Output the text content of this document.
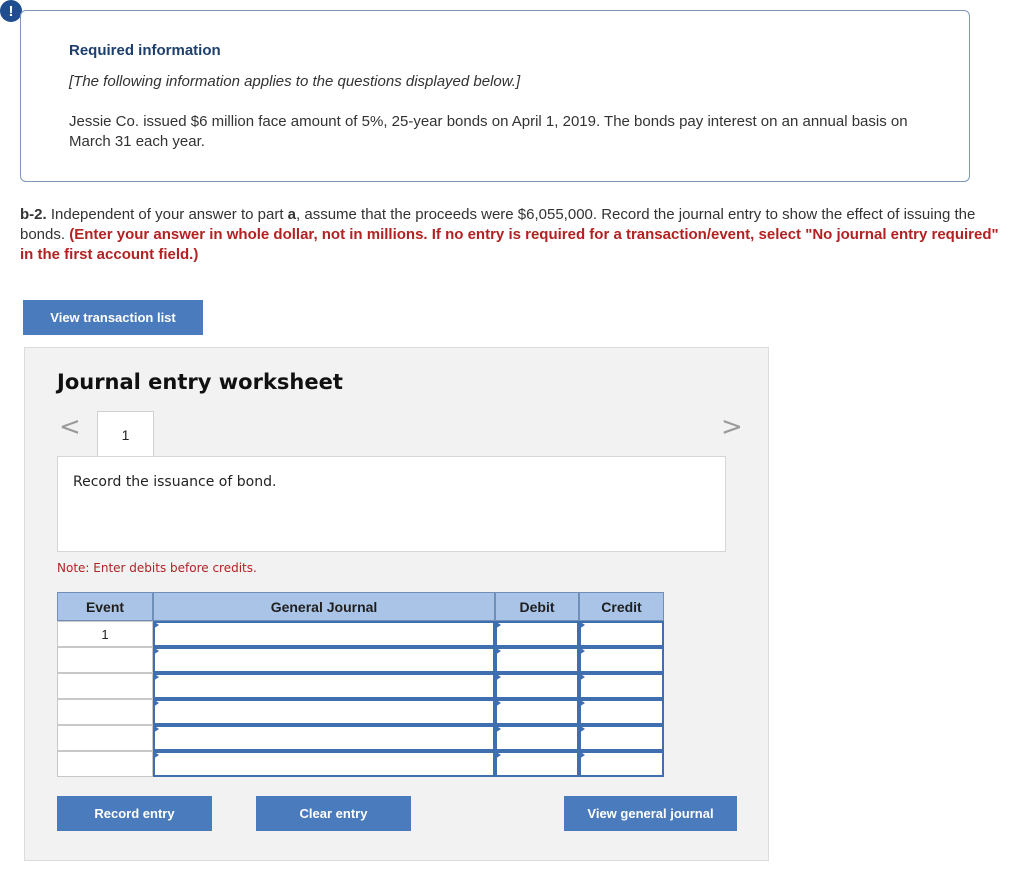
!
Required information
[The following information applies to the questions displayed below.]
Jessie Co. issued $6 million face amount of 5%, 25-year bonds on April 1, 2019. The bonds pay interest on an annual basis on March 31 each year.
b-2. Independent of your answer to part a, assume that the proceeds were $6,055,000. Record the journal entry to show the effect of issuing the bonds. (Enter your answer in whole dollar, not in millions. If no entry is required for a transaction/event, select "No journal entry required" in the first account field.)
View transaction list
Journal entry worksheet
<	1	>
Record the issuance of bond.
Note: Enter debits before credits.
Event	General Journal	Debit	Credit
1
Record entry	Clear entry	View general journal
